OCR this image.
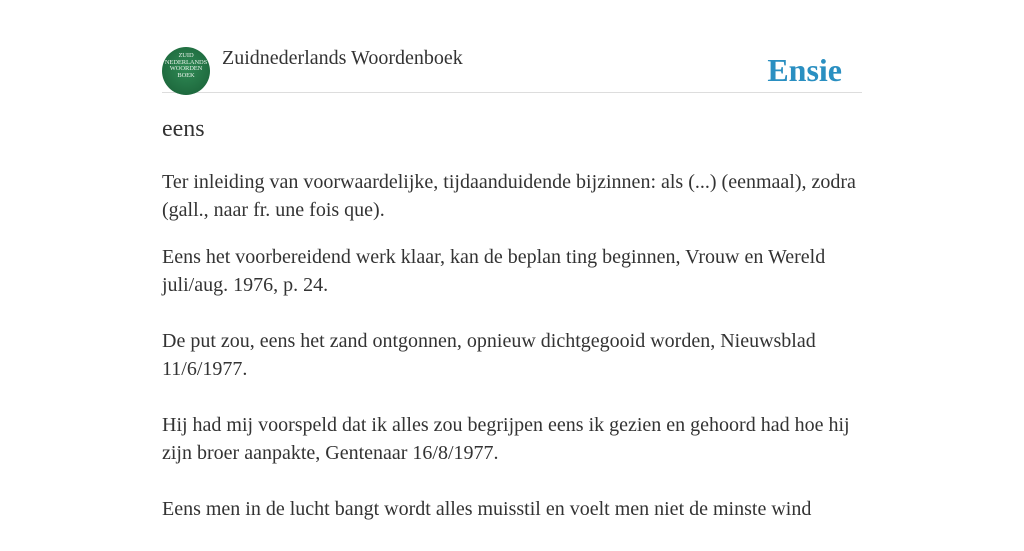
ZUID
NEDERLANDS
WOORDEN
BOEK
Zuidnederlands Woordenboek	Ensie
eens

Ter inleiding van voorwaardelijke, tijdaanduidende bijzinnen: als (...) (eenmaal), zodra (gall., naar fr. une fois que).

Eens het voorbereidend werk klaar, kan de beplan ting beginnen, Vrouw en Wereld juli/aug. 1976, p. 24.

De put zou, eens het zand ontgonnen, opnieuw dichtgegooid worden, Nieuwsblad 11/6/1977.

Hij had mij voorspeld dat ik alles zou begrijpen eens ik gezien en gehoord had hoe hij zijn broer aanpakte, Gentenaar 16/8/1977.

Eens men in de lucht bangt wordt alles muisstil en voelt men niet de minste wind
